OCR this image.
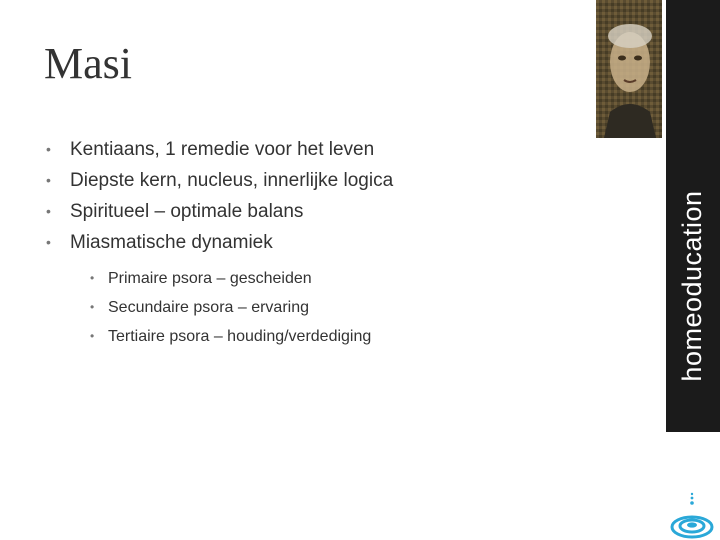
Masi
• Kentiaans, 1 remedie voor het leven
• Diepste kern, nucleus, innerlijke logica
• Spiritueel – optimale balans
• Miasmatische dynamiek
• Primaire psora – gescheiden
• Secundaire psora – ervaring
• Tertiaire psora – houding/verdediging	homeoducation
